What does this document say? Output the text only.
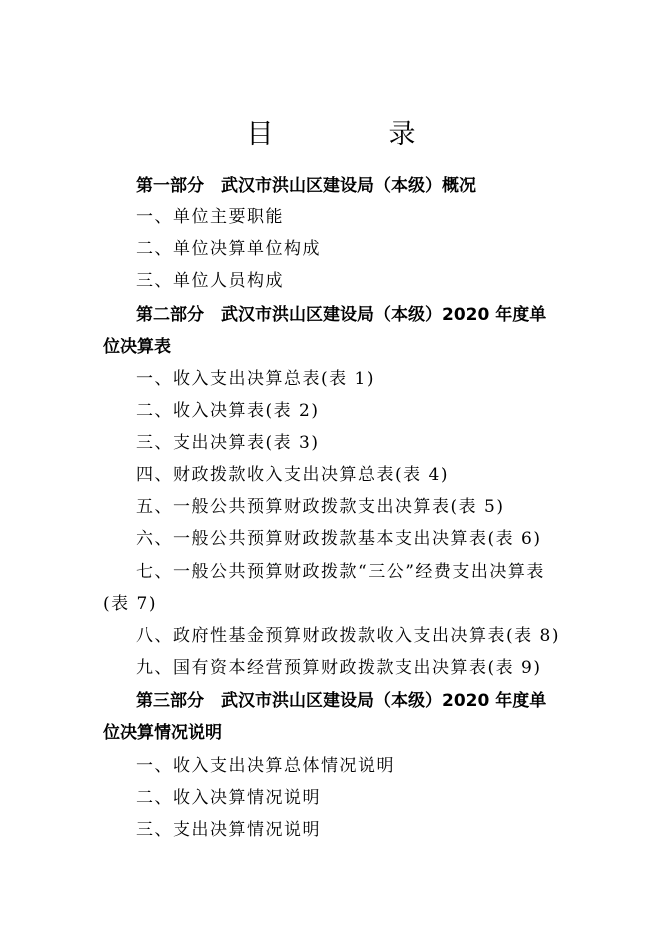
目　录
第一部分 武汉市洪山区建设局（本级）概况
一、单位主要职能
二、单位决算单位构成
三、单位人员构成
第二部分 武汉市洪山区建设局（本级）2020 年度单
位决算表
一、收入支出决算总表(表 1)
二、收入决算表(表 2)
三、支出决算表(表 3)
四、财政拨款收入支出决算总表(表 4)
五、一般公共预算财政拨款支出决算表(表 5)
六、一般公共预算财政拨款基本支出决算表(表 6)
七、一般公共预算财政拨款“三公”经费支出决算表
(表 7)
八、政府性基金预算财政拨款收入支出决算表(表 8)
九、国有资本经营预算财政拨款支出决算表(表 9)
第三部分 武汉市洪山区建设局（本级）2020 年度单
位决算情况说明
一、收入支出决算总体情况说明
二、收入决算情况说明
三、支出决算情况说明
